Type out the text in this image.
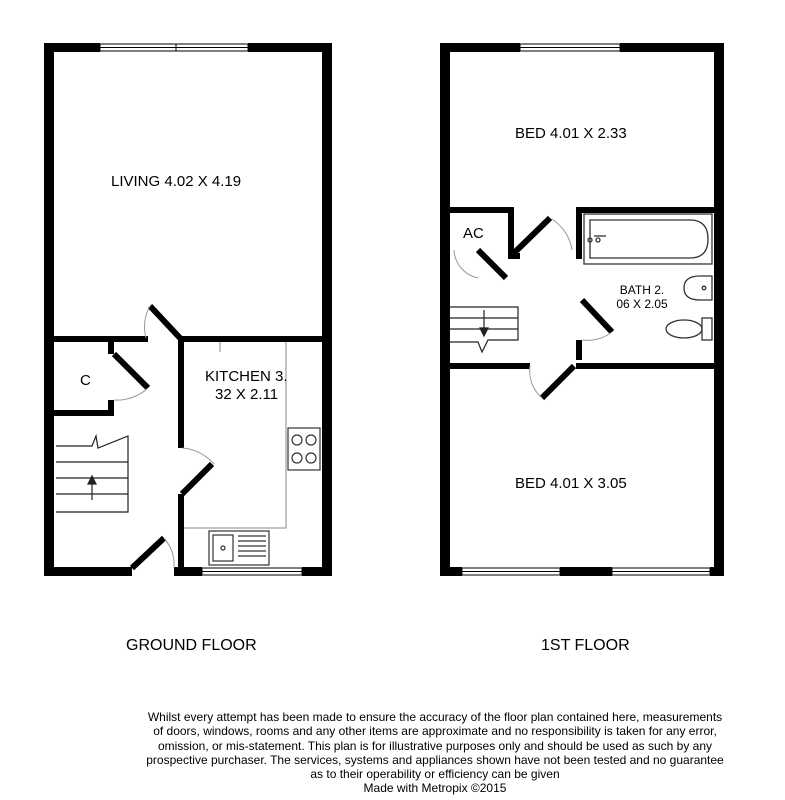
LIVING 4.02 X 4.19
C	KITCHEN 3.
32 X 2.11
BED 4.01 X 2.33
AC
BATH 2.
06 X 2.05
BED 4.01 X 3.05
GROUND FLOOR	1ST FLOOR
Whilst every attempt has been made to ensure the accuracy of the floor plan contained here, measurements
of doors, windows, rooms and any other items are approximate and no responsibility is taken for any error,
omission, or mis-statement. This plan is for illustrative purposes only and should be used as such by any
prospective purchaser. The services, systems and appliances shown have not been tested and no guarantee
as to their operability or efficiency can be given
Made with Metropix ©2015
